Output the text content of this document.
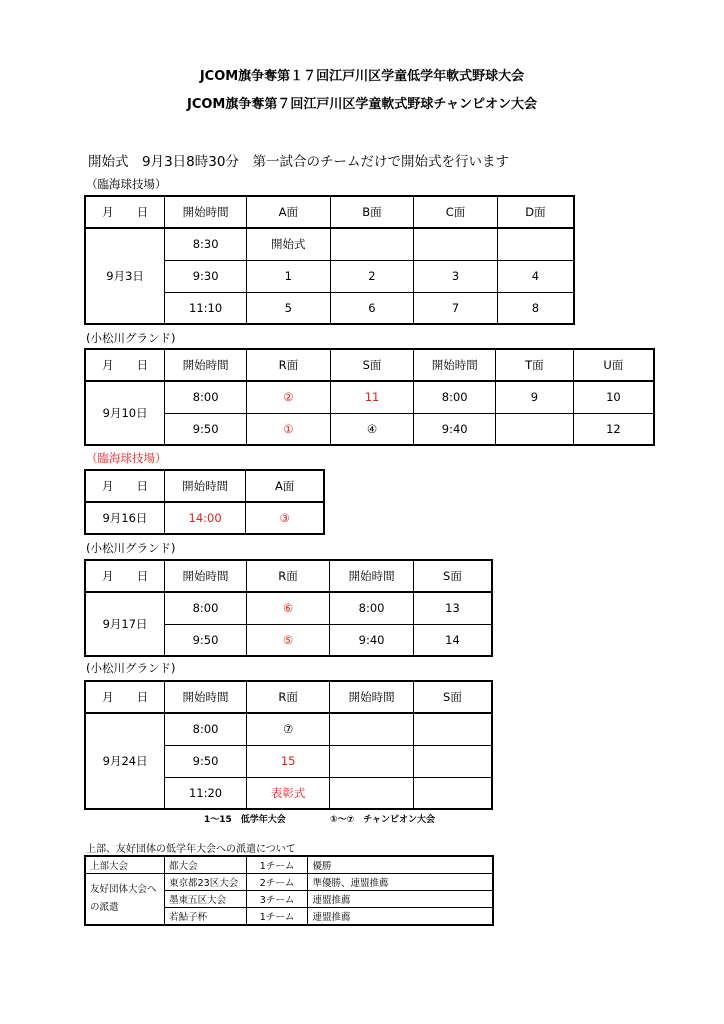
JCOM旗争奪第１７回江戸川区学童低学年軟式野球大会
JCOM旗争奪第７回江戸川区学童軟式野球チャンピオン大会
開始式　9月3日8時30分　第一試合のチームだけで開始式を行います
（臨海球技場）
月　　日	開始時間	A面	B面	C面	D面
9月3日	8:30	開始式			
	9:30	1	2	3	4
	11:10	5	6	7	8
(小松川グランド)
月　　日	開始時間	R面	S面	開始時間	T面	U面
9月10日	8:00	②	11	8:00	9	10
	9:50	①	④	9:40		12
（臨海球技場）
月　　日	開始時間	A面
9月16日	14:00	③
(小松川グランド)
月　　日	開始時間	R面	開始時間	S面
9月17日	8:00	⑥	8:00	13
	9:50	⑤	9:40	14
(小松川グランド)
月　　日	開始時間	R面	開始時間	S面
9月24日	8:00	⑦		
	9:50	15		
	11:20	表彰式		
1～15　低学年大会	①～⑦　チャンピオン大会
上部、友好団体の低学年大会への派遣について
上部大会	都大会	1チーム	優勝
友好団体大会への派遣	東京都23区大会	2チーム	準優勝、連盟推薦
	墨東五区大会	3チーム	連盟推薦
	若鮎子杯	1チーム	連盟推薦
